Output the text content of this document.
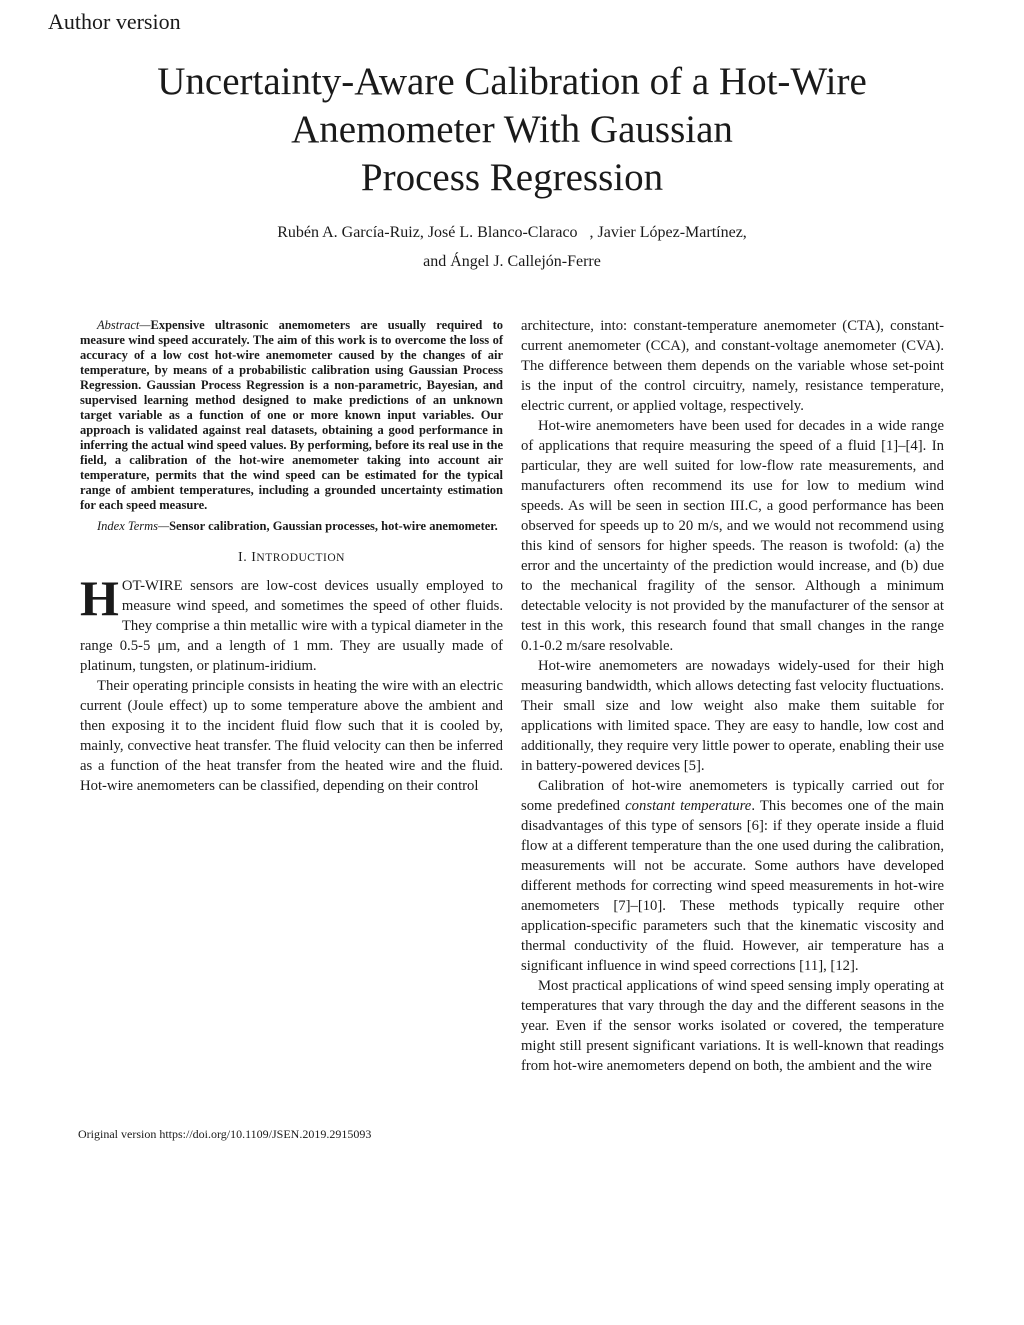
Author version
Uncertainty-Aware Calibration of a Hot-Wire
Anemometer With Gaussian
Process Regression
Rubén A. García-Ruiz, José L. Blanco-Claraco   , Javier López-Martínez,
and Ángel J. Callejón-Ferre

Abstract—Expensive ultrasonic anemometers are usually required to measure wind speed accurately. The aim of this work is to overcome the loss of accuracy of a low cost hot-wire anemometer caused by the changes of air temperature, by means of a probabilistic calibration using Gaussian Process Regression. Gaussian Process Regression is a non-parametric, Bayesian, and supervised learning method designed to make predictions of an unknown target variable as a function of one or more known input variables. Our approach is validated against real datasets, obtaining a good performance in inferring the actual wind speed values. By performing, before its real use in the field, a calibration of the hot-wire anemometer taking into account air temperature, permits that the wind speed can be estimated for the typical range of ambient temperatures, including a grounded uncertainty estimation for each speed measure.

Index Terms—Sensor calibration, Gaussian processes, hot-wire anemometer.

I. INTRODUCTION

HOT-WIRE sensors are low-cost devices usually employed to measure wind speed, and sometimes the speed of other fluids. They comprise a thin metallic wire with a typical diameter in the range 0.5-5 μm, and a length of 1 mm. They are usually made of platinum, tungsten, or platinum-iridium.

Their operating principle consists in heating the wire with an electric current (Joule effect) up to some temperature above the ambient and then exposing it to the incident fluid flow such that it is cooled by, mainly, convective heat transfer. The fluid velocity can then be inferred as a function of the heat transfer from the heated wire and the fluid. Hot-wire anemometers can be classified, depending on their control

architecture, into: constant-temperature anemometer (CTA), constant-current anemometer (CCA), and constant-voltage anemometer (CVA). The difference between them depends on the variable whose set-point is the input of the control circuitry, namely, resistance temperature, electric current, or applied voltage, respectively.

Hot-wire anemometers have been used for decades in a wide range of applications that require measuring the speed of a fluid [1]–[4]. In particular, they are well suited for low-flow rate measurements, and manufacturers often recommend its use for low to medium wind speeds. As will be seen in section III.C, a good performance has been observed for speeds up to 20 m/s, and we would not recommend using this kind of sensors for higher speeds. The reason is twofold: (a) the error and the uncertainty of the prediction would increase, and (b) due to the mechanical fragility of the sensor. Although a minimum detectable velocity is not provided by the manufacturer of the sensor at test in this work, this research found that small changes in the range 0.1-0.2 m/sare resolvable.

Hot-wire anemometers are nowadays widely-used for their high measuring bandwidth, which allows detecting fast velocity fluctuations. Their small size and low weight also make them suitable for applications with limited space. They are easy to handle, low cost and additionally, they require very little power to operate, enabling their use in battery-powered devices [5].

Calibration of hot-wire anemometers is typically carried out for some predefined constant temperature. This becomes one of the main disadvantages of this type of sensors [6]: if they operate inside a fluid flow at a different temperature than the one used during the calibration, measurements will not be accurate. Some authors have developed different methods for correcting wind speed measurements in hot-wire anemometers [7]–[10]. These methods typically require other application-specific parameters such that the kinematic viscosity and thermal conductivity of the fluid. However, air temperature has a significant influence in wind speed corrections [11], [12].

Most practical applications of wind speed sensing imply operating at temperatures that vary through the day and the different seasons in the year. Even if the sensor works isolated or covered, the temperature might still present significant variations. It is well-known that readings from hot-wire anemometers depend on both, the ambient and the wire

Original version https://doi.org/10.1109/JSEN.2019.2915093
